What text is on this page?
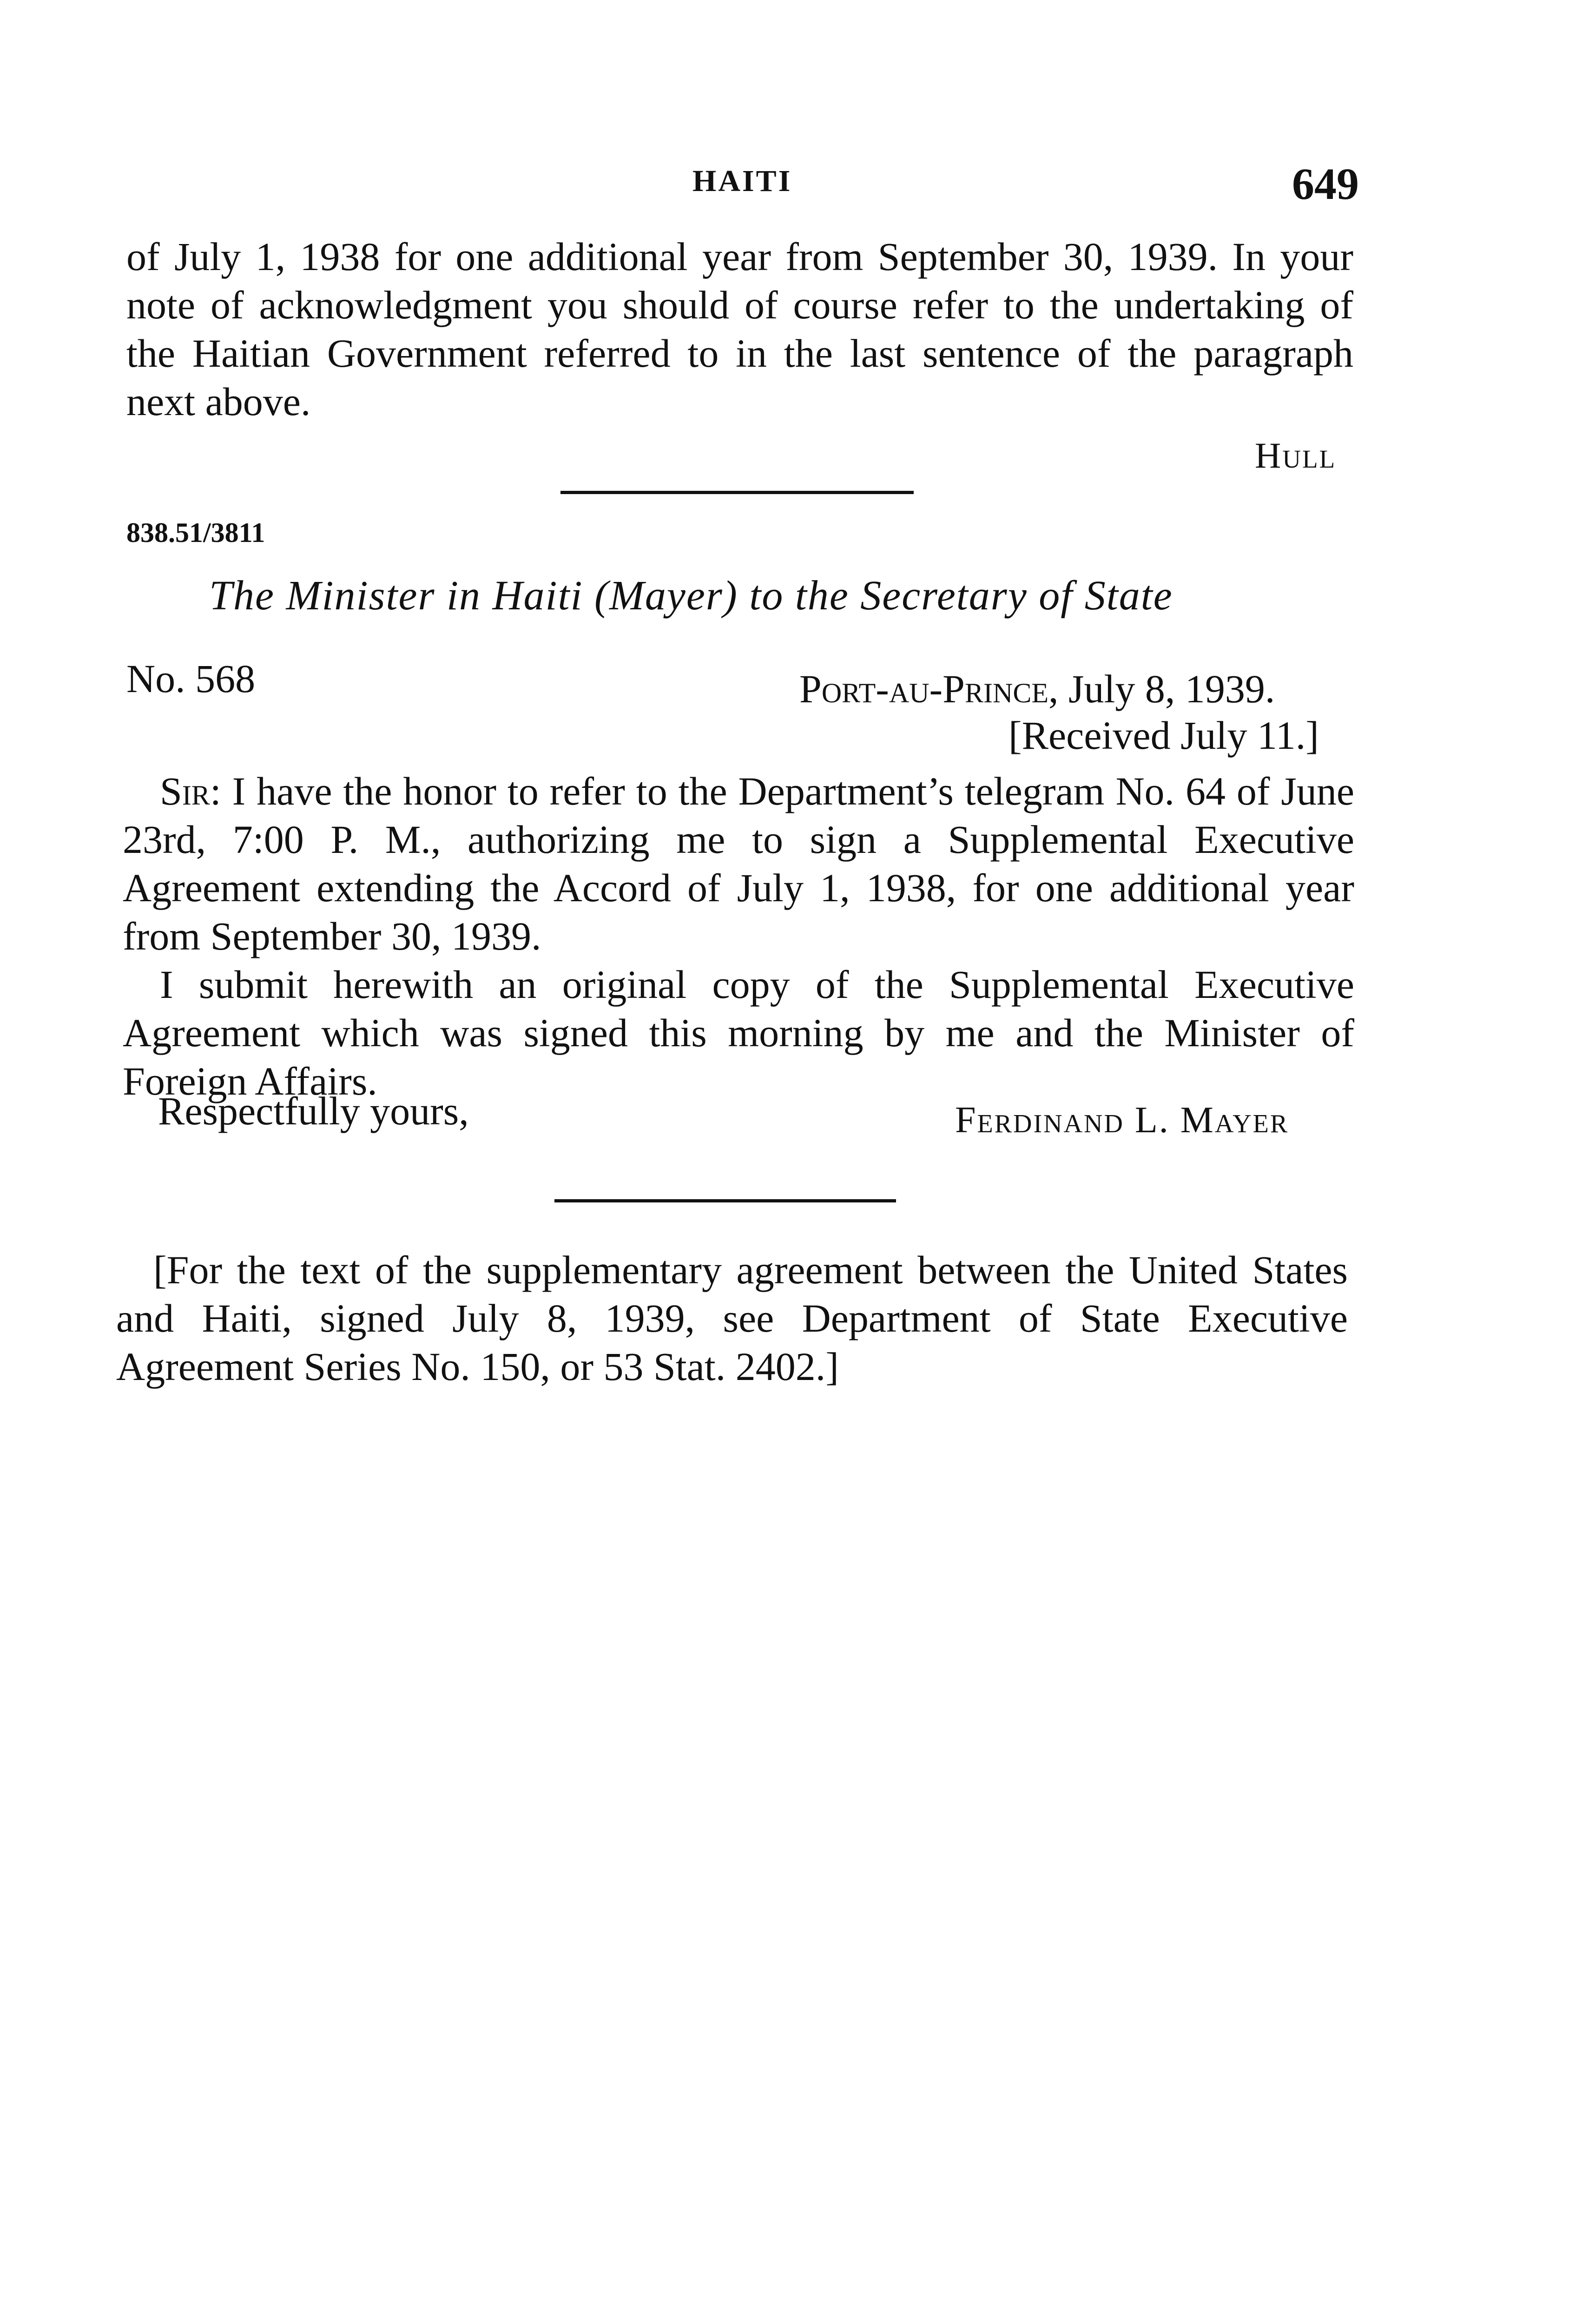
HAITI	649

of July 1, 1938 for one additional year from September 30, 1939. In your note of acknowledgment you should of course refer to the undertaking of the Haitian Government referred to in the last sentence of the paragraph next above.

Hull
838.51/3811
The Minister in Haiti (Mayer) to the Secretary of State
No. 568	Port-au-Prince, July 8, 1939.
[Received July 11.]

Sir: I have the honor to refer to the Department’s telegram No. 64 of June 23rd, 7:00 P. M., authorizing me to sign a Supplemental Executive Agreement extending the Accord of July 1, 1938, for one additional year from September 30, 1939.

I submit herewith an original copy of the Supplemental Executive Agreement which was signed this morning by me and the Minister of Foreign Affairs.

Respectfully yours,	Ferdinand L. Mayer

[For the text of the supplementary agreement between the United States and Haiti, signed July 8, 1939, see Department of State Executive Agreement Series No. 150, or 53 Stat. 2402.]
